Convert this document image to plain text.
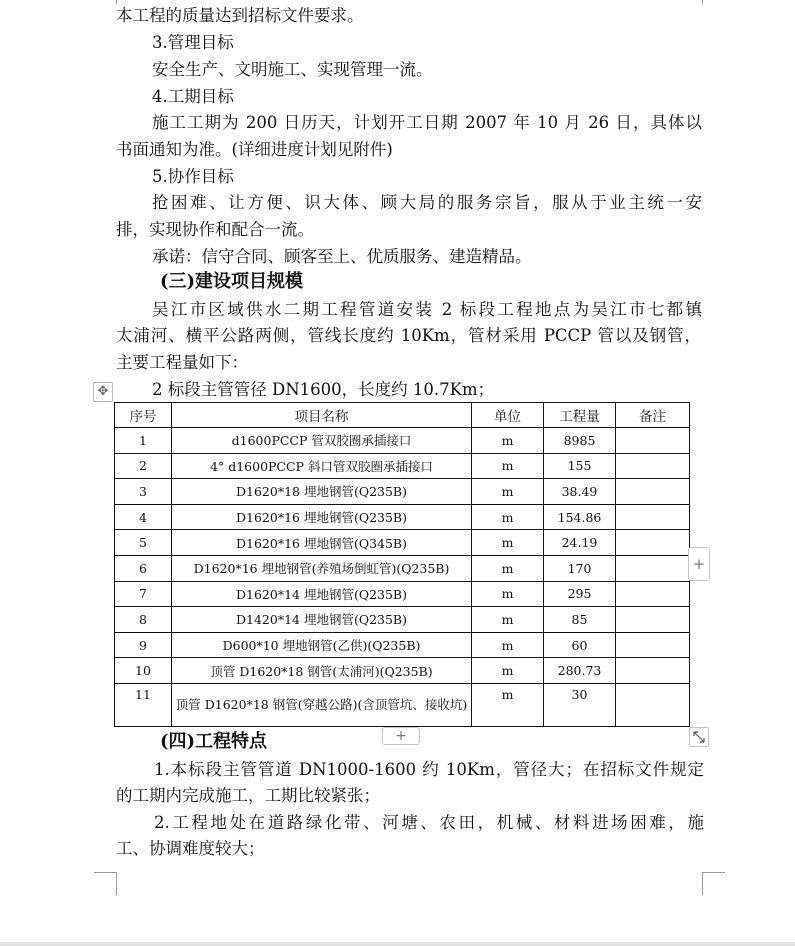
本工程的质量达到招标文件要求。
3.管理目标
安全生产、文明施工、实现管理一流。
4.工期目标
施工工期为 200 日历天，计划开工日期 2007 年 10 月 26 日，具体以
书面通知为准。(详细进度计划见附件)
5.协作目标
抢困难、让方便、识大体、顾大局的服务宗旨，服从于业主统一安
排，实现协作和配合一流。
承诺：信守合同、顾客至上、优质服务、建造精品。
(三)建设项目规模
吴江市区域供水二期工程管道安装 2 标段工程地点为吴江市七都镇
太浦河、横平公路两侧，管线长度约 10Km，管材采用 PCCP 管以及钢管，
主要工程量如下：
2 标段主管管径 DN1600，长度约 10.7Km；
✥
序号	项目名称	单位	工程量	备注
1	d1600PCCP 管双胶圈承插接口	m	8985	
2	4° d1600PCCP 斜口管双胶圈承插接口	m	155	
3	D1620*18 埋地钢管(Q235B)	m	38.49	
4	D1620*16 埋地钢管(Q235B)	m	154.86	
5	D1620*16 埋地钢管(Q345B)	m	24.19	
6	D1620*16 埋地钢管(养殖场倒虹管)(Q235B)	m	170	
7	D1620*14 埋地钢管(Q235B)	m	295	
8	D1420*14 埋地钢管(Q235B)	m	85	
9	D600*10 埋地钢管(乙供)(Q235B)	m	60	
10	顶管 D1620*18 钢管(太浦河)(Q235B)	m	280.73	
11	顶管 D1620*18 钢管(穿越公路)(含顶管坑、接收坑)	m	30	
+
+
(四)工程特点
1.本标段主管管道 DN1000-1600 约 10Km，管径大；在招标文件规定
的工期内完成施工，工期比较紧张；
2.工程地处在道路绿化带、河塘、农田，机械、材料进场困难，施
工、协调难度较大；
